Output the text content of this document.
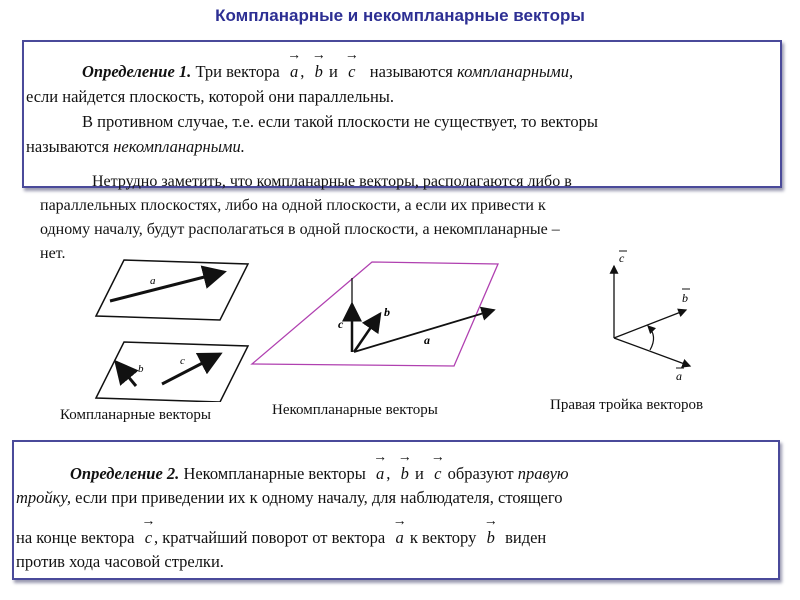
Компланарные и некомпланарные векторы
Определение 1. Три вектора → a , → b и → c называются компланарными,
если найдется плоскость, которой они параллельны.
В противном случае, т.е. если такой плоскости не существует, то векторы
называются некомпланарными.
Нетрудно заметить, что компланарные векторы, располагаются либо в
параллельных плоскостях, либо на одной плоскости, а если их привести к
одному началу, будут располагаться в одной плоскости, а некомпланарные –
нет.
a
b
c
Компланарные векторы
c
b
a
Некомпланарные векторы
c
b
a
Правая тройка векторов
Определение 2. Некомпланарные векторы → a , → b и → c образуют правую
тройку, если при приведении их к одному началу, для наблюдателя, стоящего
на конце вектора → c , кратчайший поворот от вектора → a к вектору → b виден
против хода часовой стрелки.
